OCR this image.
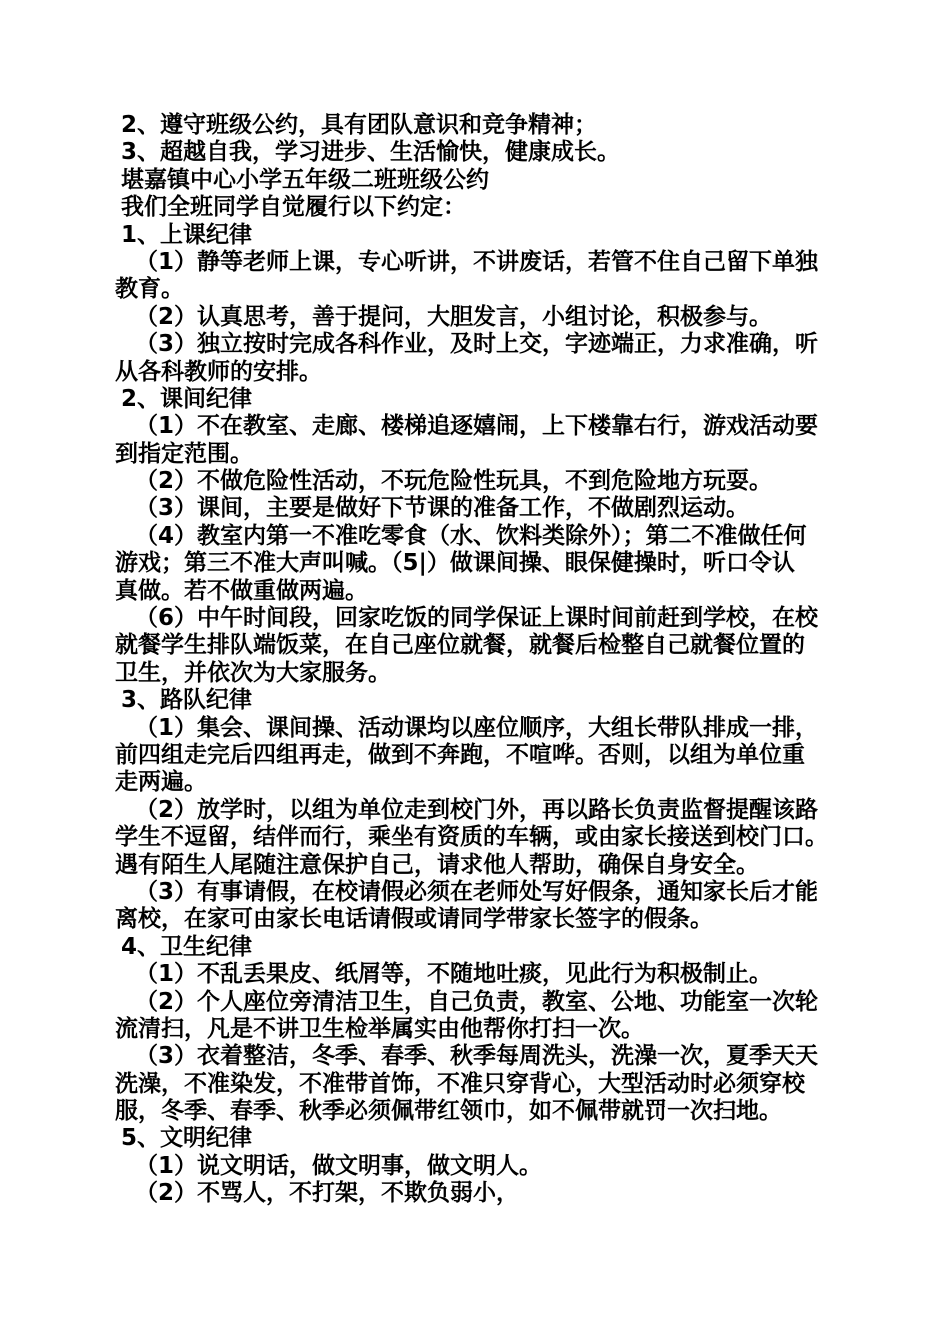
2、遵守班级公约，具有团队意识和竞争精神；
3、超越自我，学习进步、生活愉快，健康成长。
堪嘉镇中心小学五年级二班班级公约
我们全班同学自觉履行以下约定：
1、上课纪律
（1）静等老师上课，专心听讲，不讲废话，若管不住自己留下单独
教育。
（2）认真思考，善于提问，大胆发言，小组讨论，积极参与。
（3）独立按时完成各科作业，及时上交，字迹端正，力求准确，听
从各科教师的安排。
2、课间纪律
（1）不在教室、走廊、楼梯追逐嬉闹，上下楼靠右行，游戏活动要
到指定范围。
（2）不做危险性活动，不玩危险性玩具，不到危险地方玩耍。
（3）课间，主要是做好下节课的准备工作，不做剧烈运动。
（4）教室内第一不准吃零食（水、饮料类除外）；第二不准做任何
游戏；第三不准大声叫喊。（5|）做课间操、眼保健操时，听口令认
真做。若不做重做两遍。
（6）中午时间段，回家吃饭的同学保证上课时间前赶到学校，在校
就餐学生排队端饭菜，在自己座位就餐，就餐后检整自己就餐位置的
卫生，并依次为大家服务。
3、路队纪律
（1）集会、课间操、活动课均以座位顺序，大组长带队排成一排，
前四组走完后四组再走，做到不奔跑，不喧哗。否则，以组为单位重
走两遍。
（2）放学时，以组为单位走到校门外，再以路长负责监督提醒该路
学生不逗留，结伴而行，乘坐有资质的车辆，或由家长接送到校门口。
遇有陌生人尾随注意保护自己，请求他人帮助，确保自身安全。
（3）有事请假，在校请假必须在老师处写好假条，通知家长后才能
离校，在家可由家长电话请假或请同学带家长签字的假条。
4、卫生纪律
（1）不乱丢果皮、纸屑等，不随地吐痰，见此行为积极制止。
（2）个人座位旁清洁卫生，自己负责，教室、公地、功能室一次轮
流清扫，凡是不讲卫生检举属实由他帮你打扫一次。
（3）衣着整洁，冬季、春季、秋季每周洗头，洗澡一次，夏季天天
洗澡，不准染发，不准带首饰，不准只穿背心，大型活动时必须穿校
服，冬季、春季、秋季必须佩带红领巾，如不佩带就罚一次扫地。
5、文明纪律
（1）说文明话，做文明事，做文明人。
（2）不骂人，不打架，不欺负弱小，
